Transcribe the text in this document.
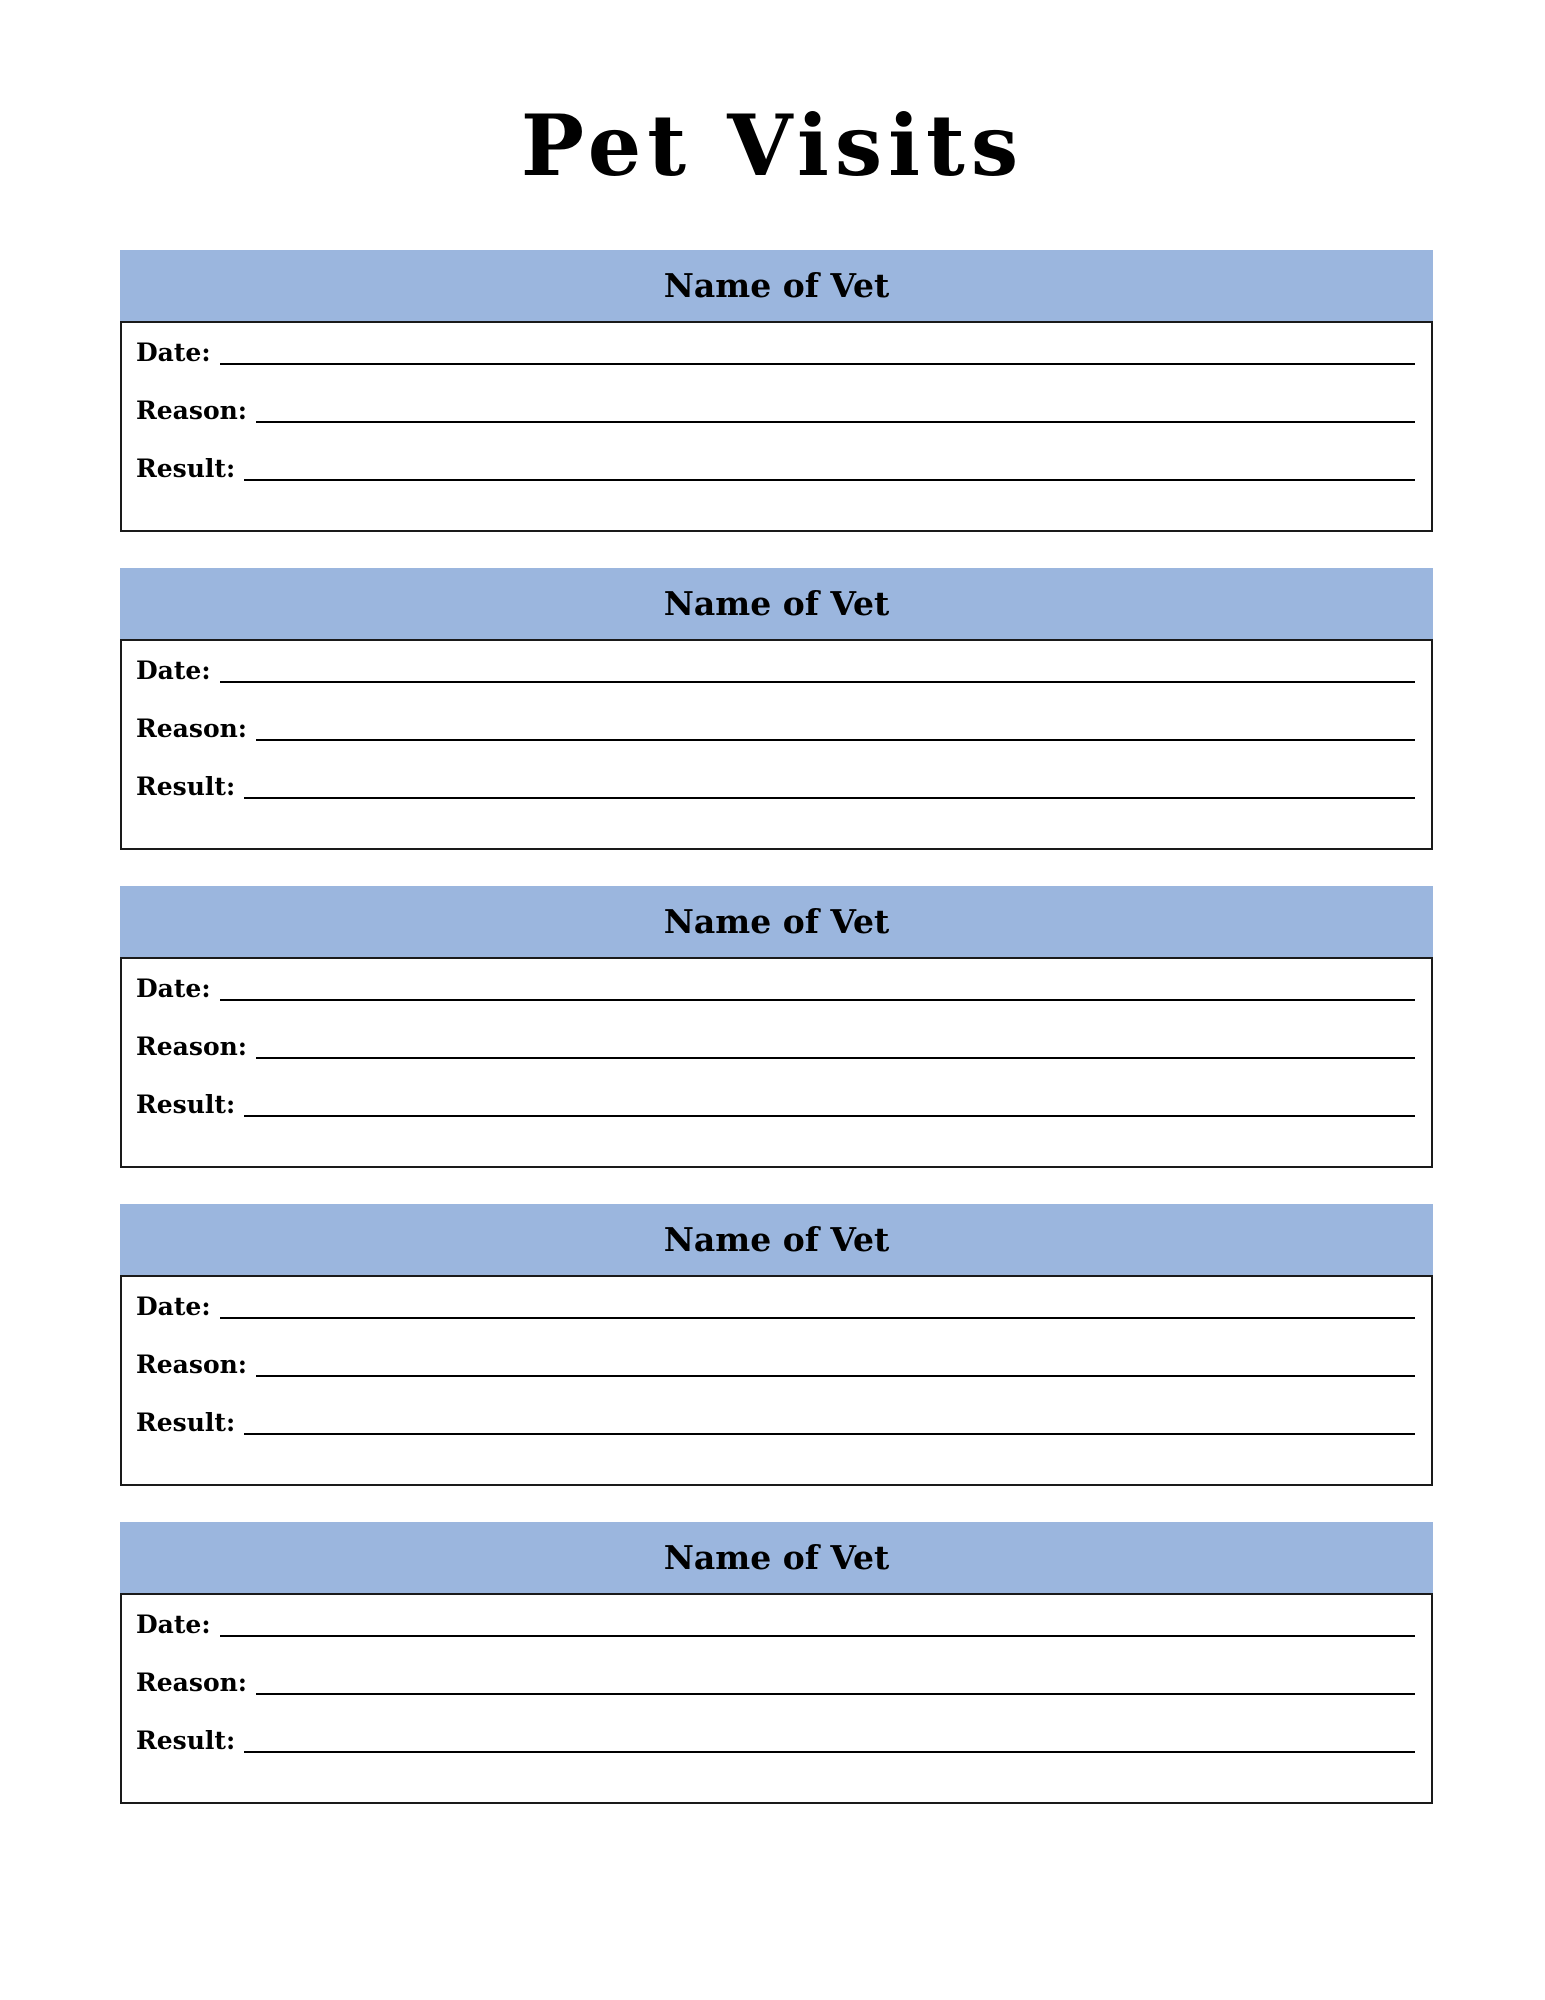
Pet Visits
Name of Vet
Date:
Reason:
Result:
Name of Vet
Date:
Reason:
Result:
Name of Vet
Date:
Reason:
Result:
Name of Vet
Date:
Reason:
Result:
Name of Vet
Date:
Reason:
Result:
